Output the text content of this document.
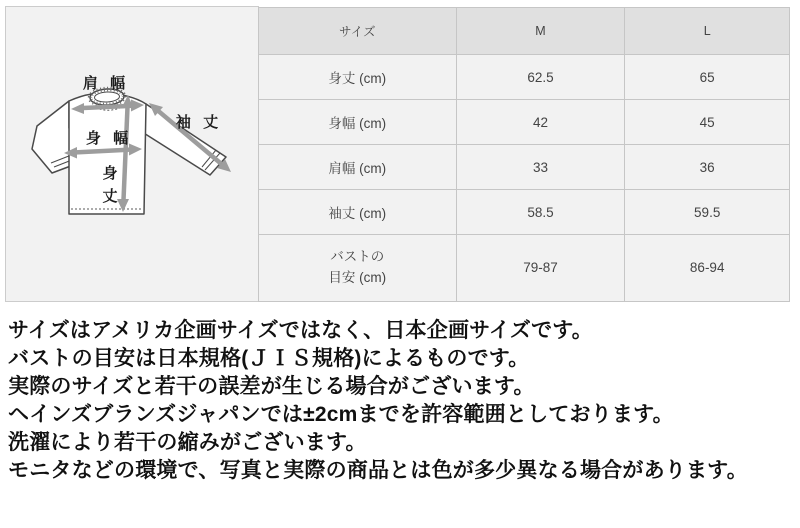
肩 幅
袖 丈
身 幅
身
丈
サイズ	M	L
身丈 (cm)	62.5	65
身幅 (cm)	42	45
肩幅 (cm)	33	36
袖丈 (cm)	58.5	59.5
バストの
目安 (cm)	79-87	86-94
サイズはアメリカ企画サイズではなく、日本企画サイズです。
バストの目安は日本規格(ＪＩＳ規格)によるものです。
実際のサイズと若干の誤差が生じる場合がございます。
ヘインズブランズジャパンでは±2cmまでを許容範囲としております。
洗濯により若干の縮みがございます。
モニタなどの環境で、写真と実際の商品とは色が多少異なる場合があります。
